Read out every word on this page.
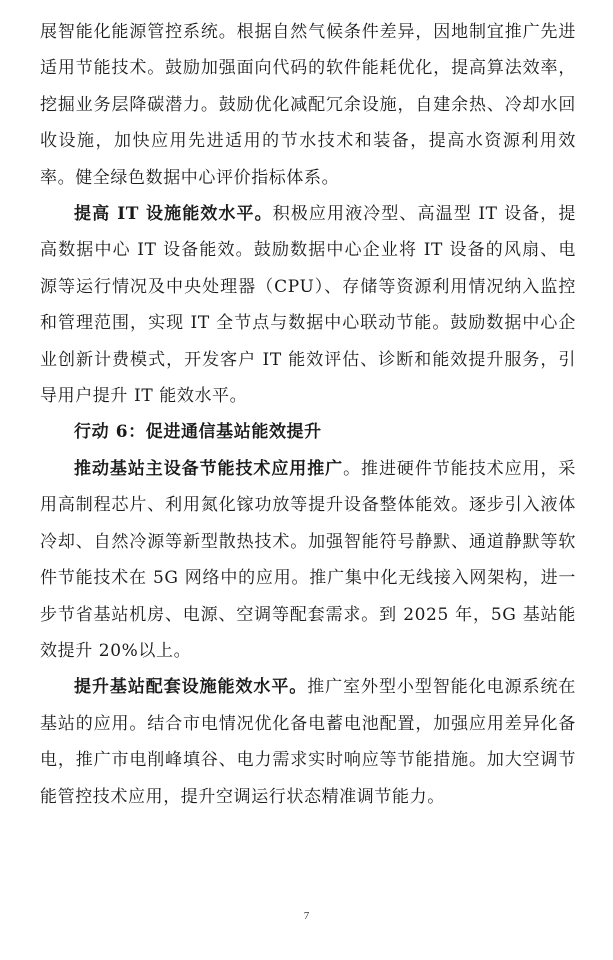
展智能化能源管控系统。根据自然气候条件差异，因地制宜推广先进适用节能技术。鼓励加强面向代码的软件能耗优化，提高算法效率，挖掘业务层降碳潜力。鼓励优化减配冗余设施，自建余热、冷却水回收设施，加快应用先进适用的节水技术和装备，提高水资源利用效率。健全绿色数据中心评价指标体系。

提高 IT 设施能效水平。积极应用液冷型、高温型 IT 设备，提高数据中心 IT 设备能效。鼓励数据中心企业将 IT 设备的风扇、电源等运行情况及中央处理器（CPU）、存储等资源利用情况纳入监控和管理范围，实现 IT 全节点与数据中心联动节能。鼓励数据中心企业创新计费模式，开发客户 IT 能效评估、诊断和能效提升服务，引导用户提升 IT 能效水平。

行动 6：促进通信基站能效提升

推动基站主设备节能技术应用推广。推进硬件节能技术应用，采用高制程芯片、利用氮化镓功放等提升设备整体能效。逐步引入液体冷却、自然冷源等新型散热技术。加强智能符号静默、通道静默等软件节能技术在 5G 网络中的应用。推广集中化无线接入网架构，进一步节省基站机房、电源、空调等配套需求。到 2025 年，5G 基站能效提升 20%以上。

提升基站配套设施能效水平。推广室外型小型智能化电源系统在基站的应用。结合市电情况优化备电蓄电池配置，加强应用差异化备电，推广市电削峰填谷、电力需求实时响应等节能措施。加大空调节能管控技术应用，提升空调运行状态精准调节能力。

7
